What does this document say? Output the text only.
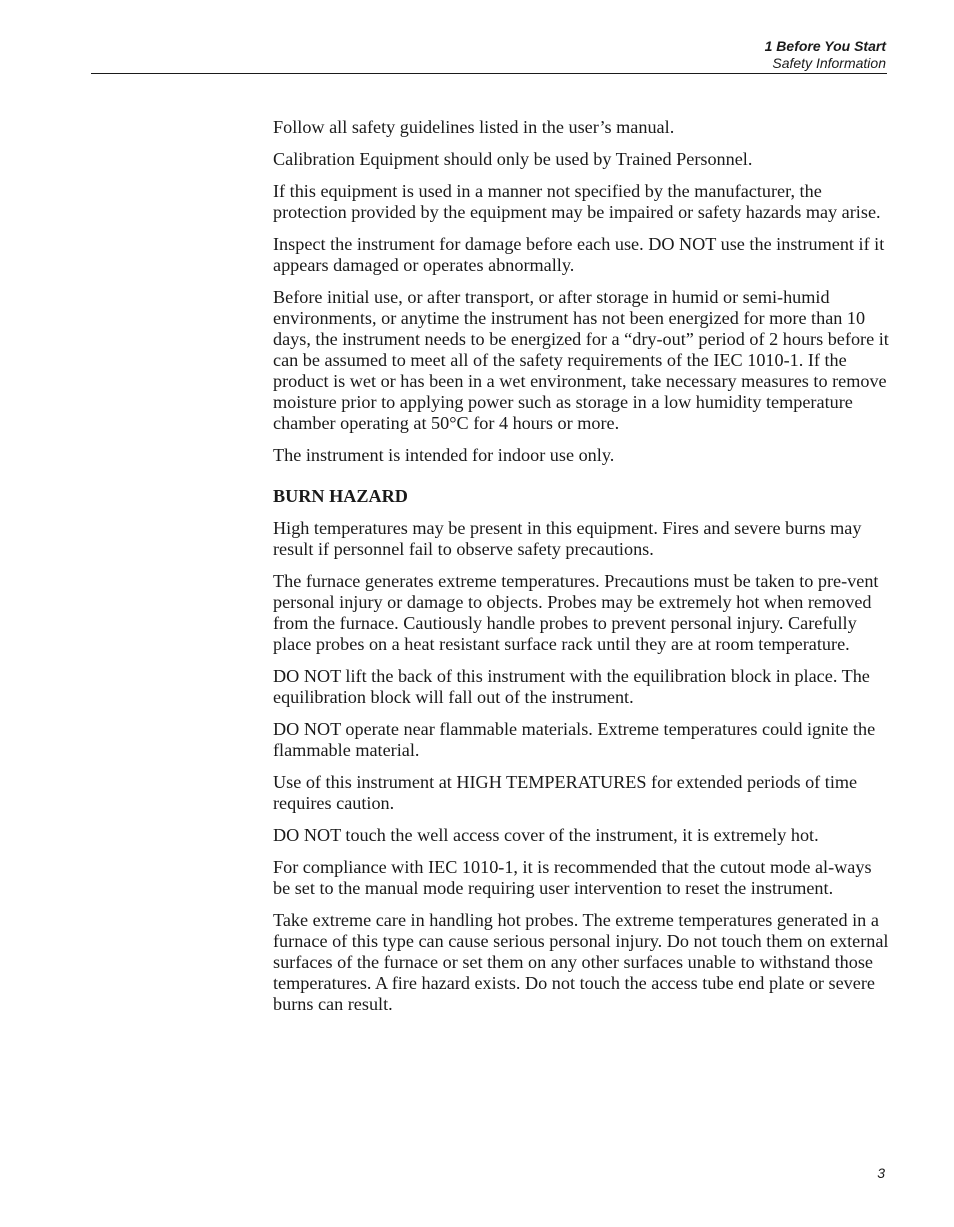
1 Before You Start
Safety Information

Follow all safety guidelines listed in the user’s manual.

Calibration Equipment should only be used by Trained Personnel.

If this equipment is used in a manner not specified by the manufacturer, the protection provided by the equipment may be impaired or safety hazards may arise.

Inspect the instrument for damage before each use. DO NOT use the instrument if it appears damaged or operates abnormally.

Before initial use, or after transport, or after storage in humid or semi-humid environments, or anytime the instrument has not been energized for more than 10 days, the instrument needs to be energized for a “dry-out” period of 2 hours before it can be assumed to meet all of the safety requirements of the IEC 1010-1. If the product is wet or has been in a wet environment, take necessary measures to remove moisture prior to applying power such as storage in a low humidity temperature chamber operating at 50°C for 4 hours or more.

The instrument is intended for indoor use only.

BURN HAZARD

High temperatures may be present in this equipment. Fires and severe burns may result if personnel fail to observe safety precautions.

The furnace generates extreme temperatures. Precautions must be taken to pre-vent personal injury or damage to objects. Probes may be extremely hot when removed from the furnace. Cautiously handle probes to prevent personal injury. Carefully place probes on a heat resistant surface rack until they are at room temperature.

DO NOT lift the back of this instrument with the equilibration block in place. The equilibration block will fall out of the instrument.

DO NOT operate near flammable materials. Extreme temperatures could ignite the flammable material.

Use of this instrument at HIGH TEMPERATURES for extended periods of time requires caution.

DO NOT touch the well access cover of the instrument, it is extremely hot.

For compliance with IEC 1010-1, it is recommended that the cutout mode al-ways be set to the manual mode requiring user intervention to reset the instrument.

Take extreme care in handling hot probes. The extreme temperatures generated in a furnace of this type can cause serious personal injury. Do not touch them on external surfaces of the furnace or set them on any other surfaces unable to withstand those temperatures. A fire hazard exists. Do not touch the access tube end plate or severe burns can result.

3
